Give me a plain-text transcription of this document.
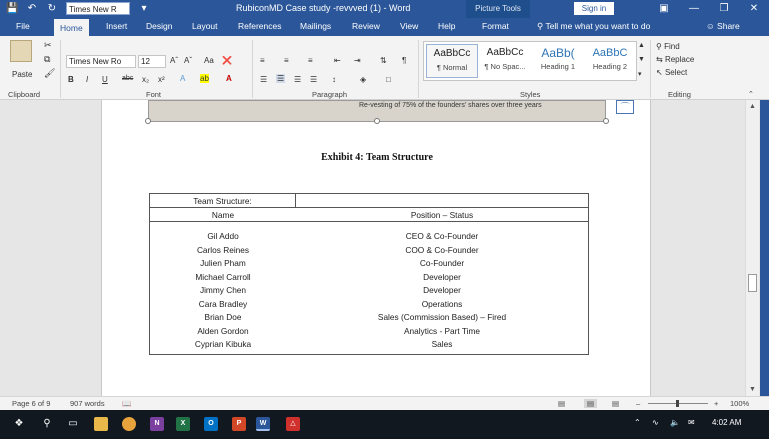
💾 ↶ ↻	Times New R	▾	RubiconMD Case study -revvved (1) - Word	Picture Tools	Sign in	▣	—	❐	✕
File	Home	Insert Design Layout References Mailings Review View Help	Format	⚲ Tell me what you want to do	☺ Share
Paste
✂
⧉
🖌
Clipboard
Times New Ro	12	Aˆ Aˇ Aa ❌
B I U abc x₂ x² A ab A
Font
≡ ≡ ≡	⇤ ⇥ ⇅ ¶
☰ ☰ ☰ ☰ ↕	◈ □
Paragraph
AaBbCc
¶ Normal
AaBbCc
¶ No Spac...
AaBb(
Heading 1
AaBbC
Heading 2
▲
▼
▾
Styles
⚲ Find
⇆ Replace
↖ Select
Editing	⌃
Re-vesting of 75% of the founders' shares over three years	⌒
Exhibit 4: Team Structure
Team Structure:
Name	Position – Status
Gil Addo	CEO & Co-Founder
Carlos Reines	COO & Co-Founder
Julien Pham	Co-Founder
Michael Carroll	Developer
Jimmy Chen	Developer
Cara Bradley	Operations
Brian Doe	Sales (Commission Based) – Fired
Alden Gordon	Analytics - Part Time
Cyprian Kibuka	Sales
▲
▼
Page 6 of 9	907 words 📖	▤	▤	▤ –	+ 100%
❖	⚲	▭	N	X	O	P	W	△	⌃ ∿ 🔈 ✉ 4:02 AM
